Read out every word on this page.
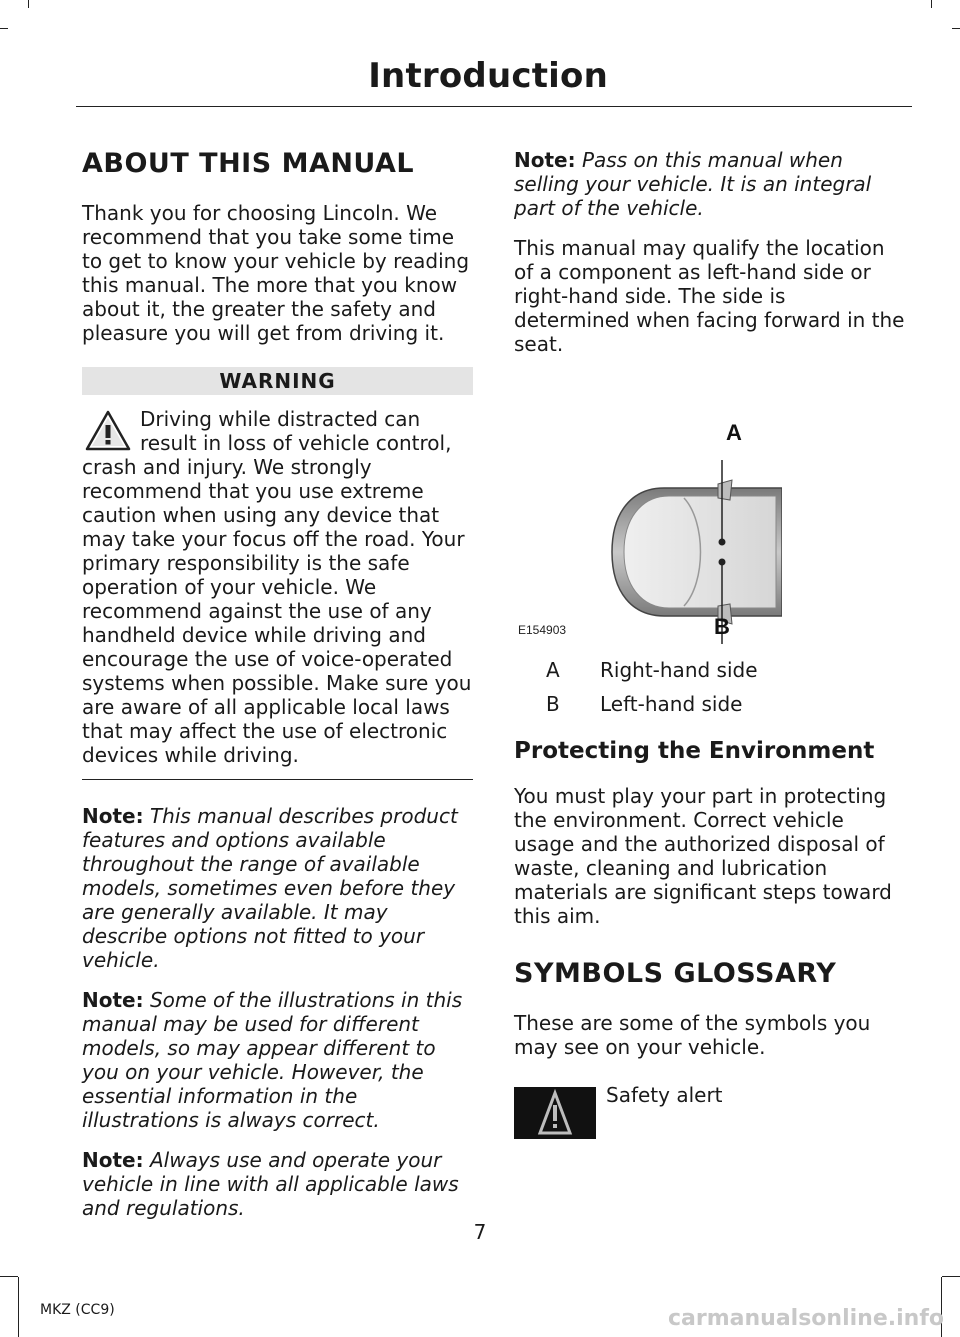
Introduction
ABOUT THIS MANUAL

Thank you for choosing Lincoln. We recommend that you take some time to get to know your vehicle by reading this manual. The more that you know about it, the greater the safety and pleasure you will get from driving it.

WARNING
Driving while distracted can result in loss of vehicle control, crash and injury. We strongly recommend that you use extreme caution when using any device that may take your focus off the road. Your primary responsibility is the safe operation of your vehicle. We recommend against the use of any handheld device while driving and encourage the use of voice-operated systems when possible. Make sure you are aware of all applicable local laws that may affect the use of electronic devices while driving.

Note: This manual describes product features and options available throughout the range of available models, sometimes even before they are generally available. It may describe options not fitted to your vehicle.

Note: Some of the illustrations in this manual may be used for different models, so may appear different to you on your vehicle. However, the essential information in the illustrations is always correct.

Note: Always use and operate your vehicle in line with all applicable laws and regulations.

Note: Pass on this manual when selling your vehicle. It is an integral part of the vehicle.

This manual may qualify the location of a component as left-hand side or right-hand side. The side is determined when facing forward in the seat.

A
B
E154903
A	Right-hand side
B	Left-hand side
Protecting the Environment

You must play your part in protecting the environment. Correct vehicle usage and the authorized disposal of waste, cleaning and lubrication materials are significant steps toward this aim.

SYMBOLS GLOSSARY

These are some of the symbols you may see on your vehicle.

Safety alert
7
MKZ (CC9)	carmanualsonline.info
